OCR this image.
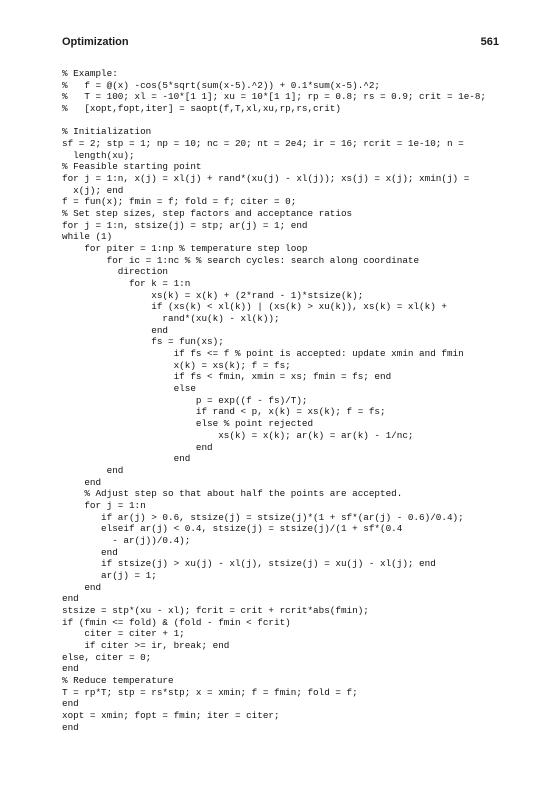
Optimization	561
% Example:
%   f = @(x) -cos(5*sqrt(sum(x-5).^2)) + 0.1*sum(x-5).^2;
%   T = 100; xl = -10*[1 1]; xu = 10*[1 1]; rp = 0.8; rs = 0.9; crit = 1e-8;
%   [xopt,fopt,iter] = saopt(f,T,xl,xu,rp,rs,crit)
% Initialization
sf = 2; stp = 1; np = 10; nc = 20; nt = 2e4; ir = 16; rcrit = 1e-10; n =
length(xu);
% Feasible starting point
for j = 1:n, x(j) = xl(j) + rand*(xu(j) - xl(j)); xs(j) = x(j); xmin(j) =
x(j); end
f = fun(x); fmin = f; fold = f; citer = 0;
% Set step sizes, step factors and acceptance ratios
for j = 1:n, stsize(j) = stp; ar(j) = 1; end
while (1)
for piter = 1:np % temperature step loop
for ic = 1:nc % % search cycles: search along coordinate
direction
for k = 1:n
xs(k) = x(k) + (2*rand - 1)*stsize(k);
if (xs(k) < xl(k)) | (xs(k) > xu(k)), xs(k) = xl(k) +
rand*(xu(k) - xl(k));
end
fs = fun(xs);
if fs <= f % point is accepted: update xmin and fmin
x(k) = xs(k); f = fs;
if fs < fmin, xmin = xs; fmin = fs; end
else
p = exp((f - fs)/T);
if rand < p, x(k) = xs(k); f = fs;
else % point rejected
xs(k) = x(k); ar(k) = ar(k) - 1/nc;
end
end
end
end
% Adjust step so that about half the points are accepted.
for j = 1:n
if ar(j) > 0.6, stsize(j) = stsize(j)*(1 + sf*(ar(j) - 0.6)/0.4);
elseif ar(j) < 0.4, stsize(j) = stsize(j)/(1 + sf*(0.4
- ar(j))/0.4);
end
if stsize(j) > xu(j) - xl(j), stsize(j) = xu(j) - xl(j); end
ar(j) = 1;
end
end
stsize = stp*(xu - xl); fcrit = crit + rcrit*abs(fmin);
if (fmin <= fold) & (fold - fmin < fcrit)
citer = citer + 1;
if citer >= ir, break; end
else, citer = 0;
end
% Reduce temperature
T = rp*T; stp = rs*stp; x = xmin; f = fmin; fold = f;
end
xopt = xmin; fopt = fmin; iter = citer;
end
